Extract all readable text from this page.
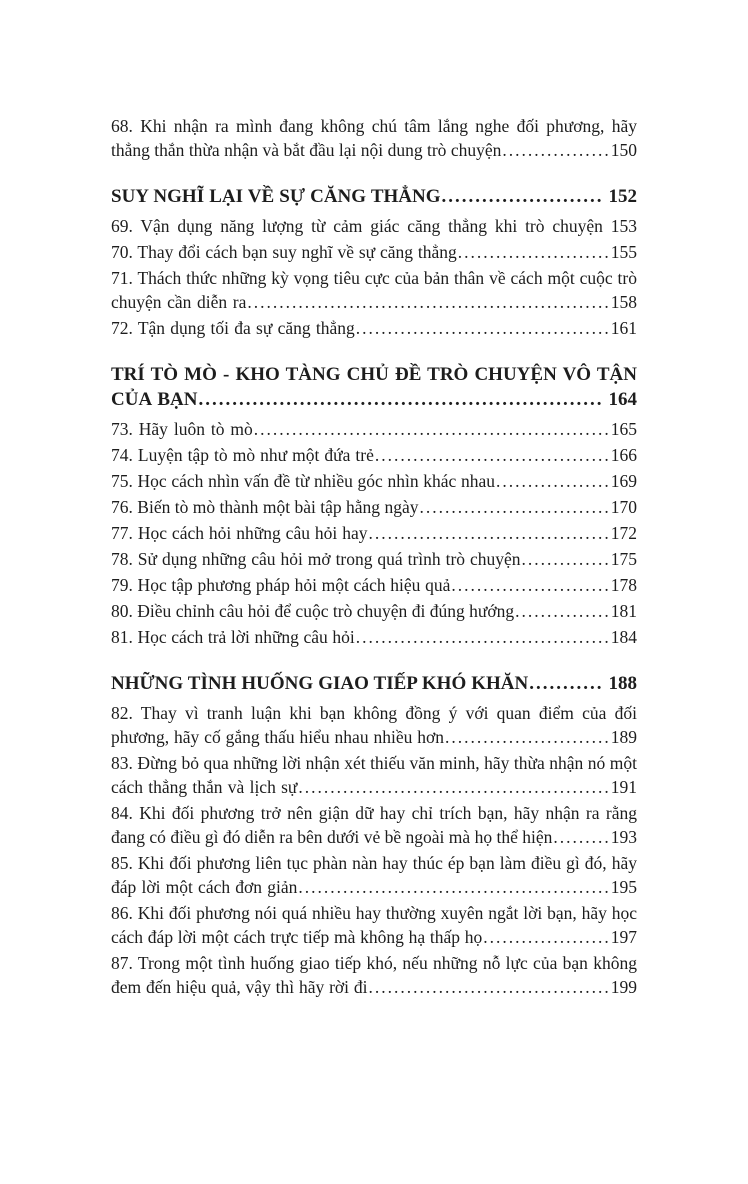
68. Khi nhận ra mình đang không chú tâm lắng nghe đối phương, hãy thẳng thắn thừa nhận và bắt đầu lại nội dung trò chuyện.................150
SUY NGHĨ LẠI VỀ SỰ CĂNG THẲNG........................ 152
69. Vận dụng năng lượng từ cảm giác căng thẳng khi trò chuyện 153
70. Thay đổi cách bạn suy nghĩ về sự căng thẳng........................155
71. Thách thức những kỳ vọng tiêu cực của bản thân về cách một cuộc trò chuyện cần diễn ra.........................................................158
72. Tận dụng tối đa sự căng thẳng........................................161
TRÍ TÒ MÒ - KHO TÀNG CHỦ ĐỀ TRÒ CHUYỆN VÔ TẬN CỦA BẠN............................................................ 164
73. Hãy luôn tò mò........................................................165
74. Luyện tập tò mò như một đứa trẻ.....................................166
75. Học cách nhìn vấn đề từ nhiều góc nhìn khác nhau..................169
76. Biến tò mò thành một bài tập hằng ngày..............................170
77. Học cách hỏi những câu hỏi hay......................................172
78. Sử dụng những câu hỏi mở trong quá trình trò chuyện..............175
79. Học tập phương pháp hỏi một cách hiệu quả.........................178
80. Điều chỉnh câu hỏi để cuộc trò chuyện đi đúng hướng...............181
81. Học cách trả lời những câu hỏi........................................184
NHỮNG TÌNH HUỐNG GIAO TIẾP KHÓ KHĂN........... 188
82. Thay vì tranh luận khi bạn không đồng ý với quan điểm của đối phương, hãy cố gắng thấu hiểu nhau nhiều hơn..........................189
83. Đừng bỏ qua những lời nhận xét thiếu văn minh, hãy thừa nhận nó một cách thẳng thắn và lịch sự.................................................191
84. Khi đối phương trở nên giận dữ hay chỉ trích bạn, hãy nhận ra rằng đang có điều gì đó diễn ra bên dưới vẻ bề ngoài mà họ thể hiện.........193
85. Khi đối phương liên tục phàn nàn hay thúc ép bạn làm điều gì đó, hãy đáp lời một cách đơn giản.................................................195
86. Khi đối phương nói quá nhiều hay thường xuyên ngắt lời bạn, hãy học cách đáp lời một cách trực tiếp mà không hạ thấp họ....................197
87. Trong một tình huống giao tiếp khó, nếu những nỗ lực của bạn không đem đến hiệu quả, vậy thì hãy rời đi......................................199
